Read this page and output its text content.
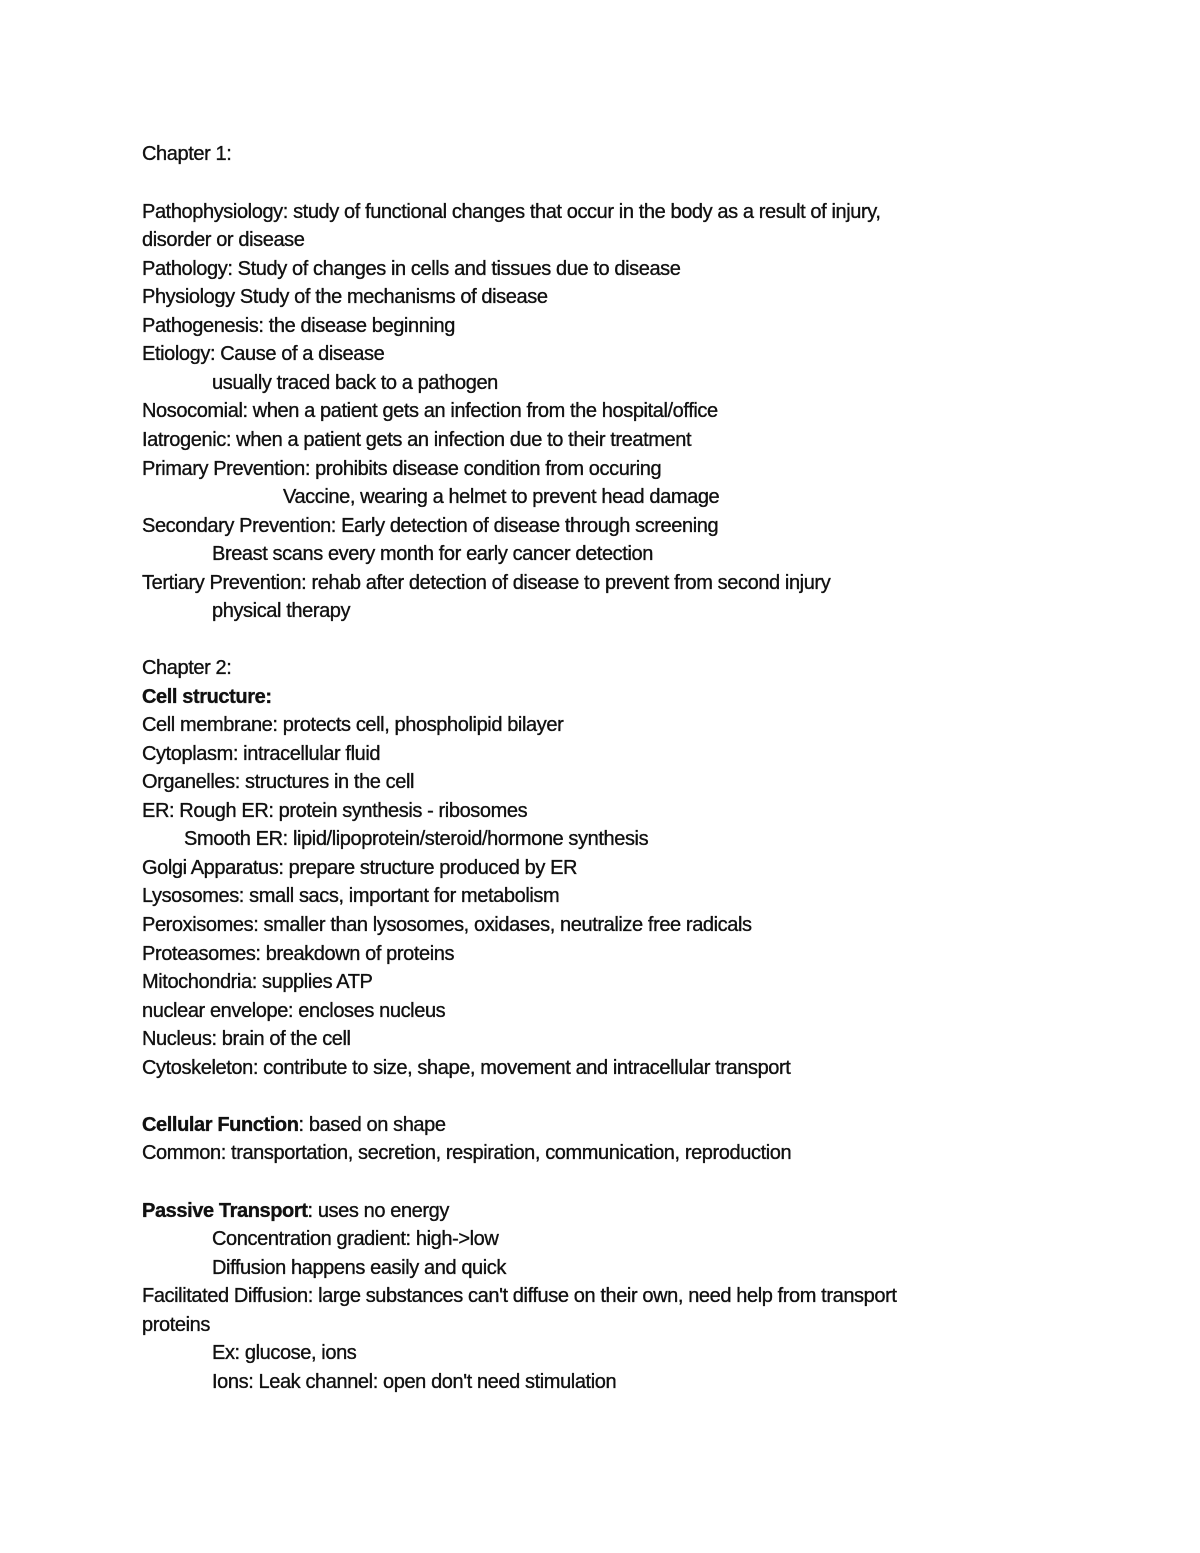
Chapter 1:
Pathophysiology: study of functional changes that occur in the body as a result of injury,
disorder or disease
Pathology: Study of changes in cells and tissues due to disease
Physiology Study of the mechanisms of disease
Pathogenesis: the disease beginning
Etiology: Cause of a disease
usually traced back to a pathogen
Nosocomial: when a patient gets an infection from the hospital/office
Iatrogenic: when a patient gets an infection due to their treatment
Primary Prevention: prohibits disease condition from occuring
Vaccine, wearing a helmet to prevent head damage
Secondary Prevention: Early detection of disease through screening
Breast scans every month for early cancer detection
Tertiary Prevention: rehab after detection of disease to prevent from second injury
physical therapy
Chapter 2:
Cell structure:
Cell membrane: protects cell, phospholipid bilayer
Cytoplasm: intracellular fluid
Organelles: structures in the cell
ER: Rough ER: protein synthesis - ribosomes
Smooth ER: lipid/lipoprotein/steroid/hormone synthesis
Golgi Apparatus: prepare structure produced by ER
Lysosomes: small sacs, important for metabolism
Peroxisomes: smaller than lysosomes, oxidases, neutralize free radicals
Proteasomes: breakdown of proteins
Mitochondria: supplies ATP
nuclear envelope: encloses nucleus
Nucleus: brain of the cell
Cytoskeleton: contribute to size, shape, movement and intracellular transport
Cellular Function: based on shape
Common: transportation, secretion, respiration, communication, reproduction
Passive Transport: uses no energy
Concentration gradient: high->low
Diffusion happens easily and quick
Facilitated Diffusion: large substances can't diffuse on their own, need help from transport
proteins
Ex: glucose, ions
Ions: Leak channel: open don't need stimulation
